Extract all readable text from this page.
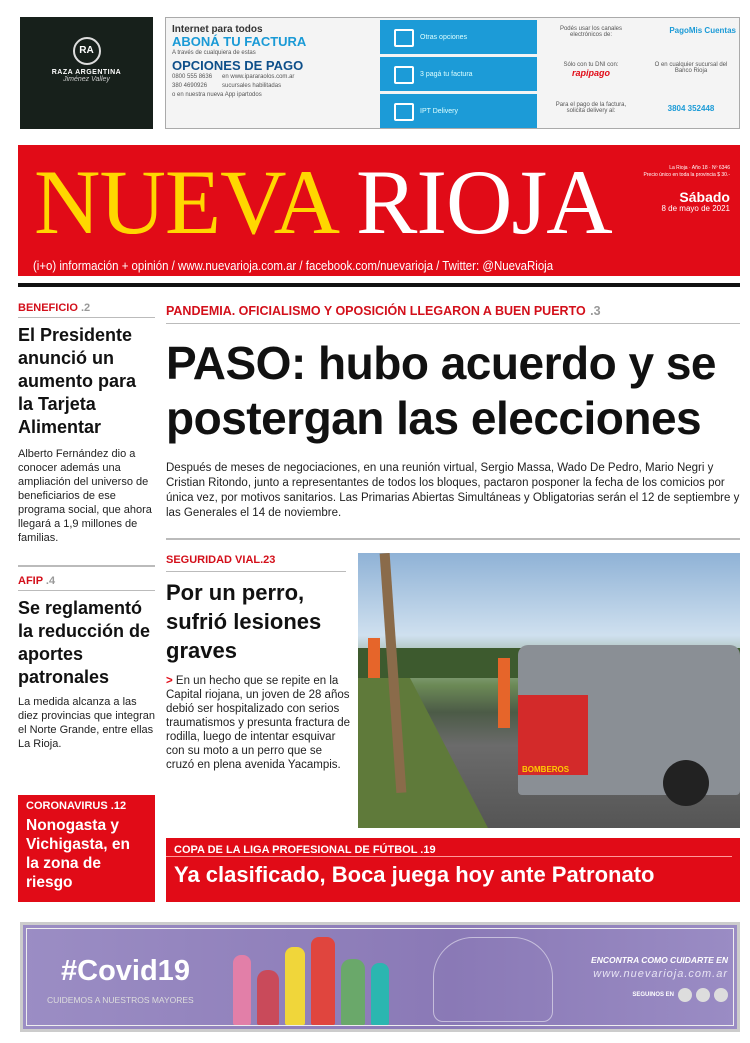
RA
RAZA ARGENTINA
Jiménez Valley
Internet para todos
ABONÁ TU FACTURA
A través de cualquiera de estas
OPCIONES DE PAGO
0800 555 8636
380 4690926
en www.ipararaolos.com.ar
sucursales habilitadas
o en nuestra nueva App ipartodos
Otras opciones
3 pagá tu factura
IPT Delivery
Podés usar los canales electrónicos de:	PagoMis Cuentas
Sólo con tu DNI con:
rapipago
O en cualquier sucursal del Banco Rioja
Para el pago de la factura, solicita delivery al:	3804 352448
NUEVA RIOJA	La Rioja · Año 18 · Nº 6346
Precio único en toda la provincia $ 30.-
Sábado
8 de mayo de 2021
(i+o) información + opinión / www.nuevarioja.com.ar / facebook.com/nuevarioja / Twitter: @NuevaRioja
BENEFICIO .2
El Presidente anunció un aumento para la Tarjeta Alimentar
Alberto Fernández dio a conocer además una ampliación del universo de beneficiarios de ese programa social, que ahora llegará a 1,9 millones de familias.
AFIP .4
Se reglamentó la reducción de aportes patronales
La medida alcanza a las diez provincias que integran el Norte Grande, entre ellas La Rioja.
CORONAVIRUS .12
Nonogasta y Vichigasta, en la zona de riesgo
PANDEMIA. OFICIALISMO Y OPOSICIÓN LLEGARON A BUEN PUERTO .3
PASO: hubo acuerdo y se postergan las elecciones
Después de meses de negociaciones, en una reunión virtual, Sergio Massa, Wado De Pedro, Mario Negri y Cristian Ritondo, junto a representantes de todos los bloques, pactaron posponer la fecha de los comicios por única vez, por motivos sanitarios. Las Primarias Abiertas Simultáneas y Obligatorias serán el 12 de septiembre y las Generales el 14 de noviembre.
SEGURIDAD VIAL.23
Por un perro, sufrió lesiones graves
> En un hecho que se repite en la Capital riojana, un joven de 28 años debió ser hospitalizado con serios traumatismos y presunta fractura de rodilla, luego de intentar esquivar con su moto a un perro que se cruzó en plena avenida Yacampis.	BOMBEROS
COPA DE LA LIGA PROFESIONAL DE FÚTBOL .19
Ya clasificado, Boca juega hoy ante Patronato
#Covid19
CUIDEMOS A NUESTROS MAYORES
ENCONTRA COMO CUIDARTE EN
www.nuevarioja.com.ar
SEGUINOS EN
